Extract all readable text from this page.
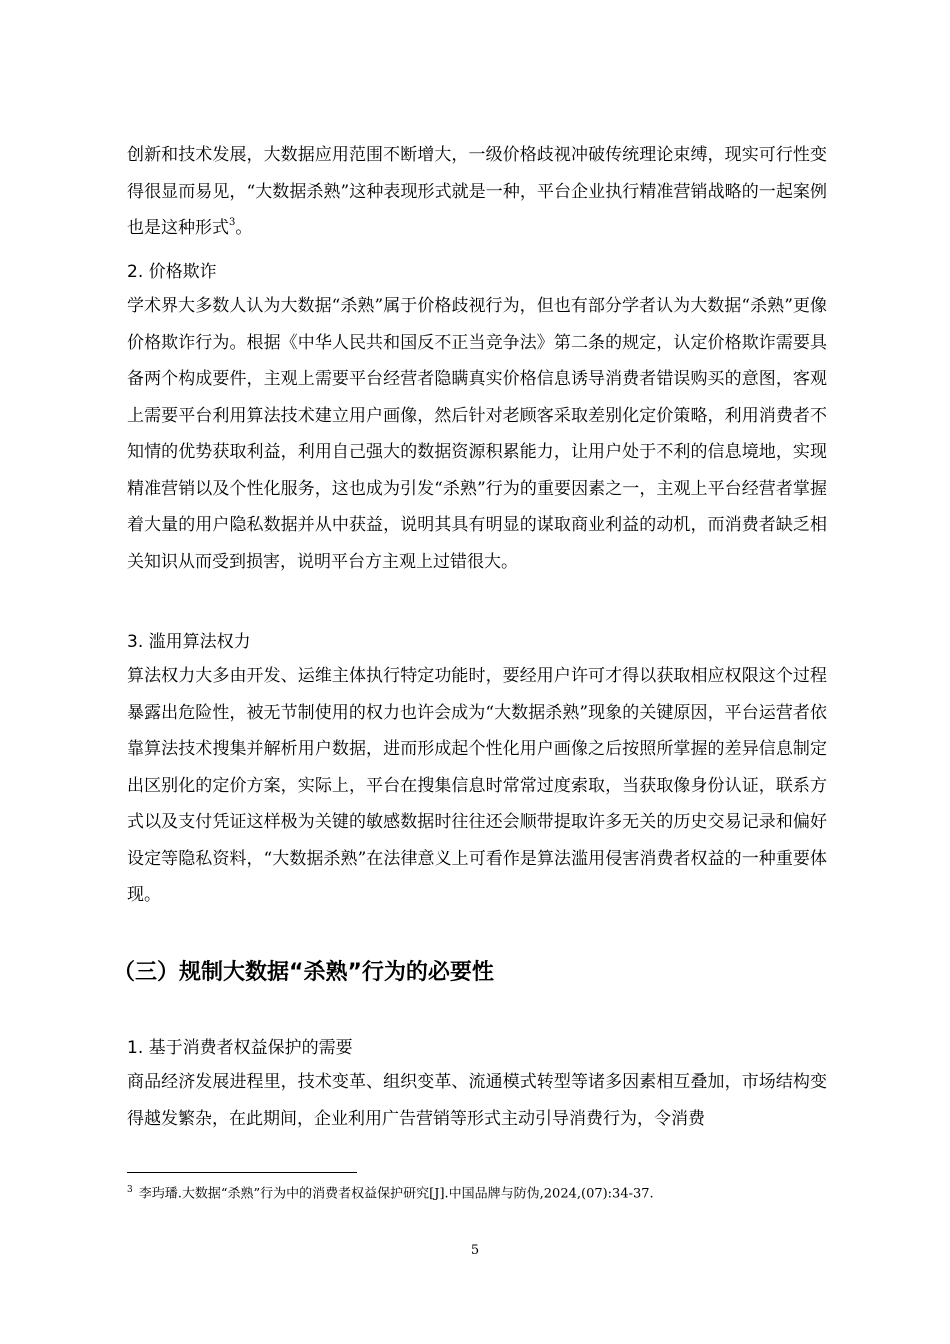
创新和技术发展，大数据应用范围不断增大，一级价格歧视冲破传统理论束缚，现实可行性变得很显而易见，“大数据杀熟”这种表现形式就是一种，平台企业执行精准营销战略的一起案例也是这种形式$^3$。

2. 价格欺诈

学术界大多数人认为大数据“杀熟”属于价格歧视行为，但也有部分学者认为大数据“杀熟”更像价格欺诈行为。根据《中华人民共和国反不正当竞争法》第二条的规定，认定价格欺诈需要具备两个构成要件，主观上需要平台经营者隐瞒真实价格信息诱导消费者错误购买的意图，客观上需要平台利用算法技术建立用户画像，然后针对老顾客采取差别化定价策略，利用消费者不知情的优势获取利益，利用自己强大的数据资源积累能力，让用户处于不利的信息境地，实现精准营销以及个性化服务，这也成为引发“杀熟”行为的重要因素之一，主观上平台经营者掌握着大量的用户隐私数据并从中获益，说明其具有明显的谋取商业利益的动机，而消费者缺乏相关知识从而受到损害，说明平台方主观上过错很大。

3. 滥用算法权力

算法权力大多由开发、运维主体执行特定功能时，要经用户许可才得以获取相应权限这个过程暴露出危险性，被无节制使用的权力也许会成为“大数据杀熟”现象的关键原因，平台运营者依靠算法技术搜集并解析用户数据，进而形成起个性化用户画像之后按照所掌握的差异信息制定出区别化的定价方案，实际上，平台在搜集信息时常常过度索取，当获取像身份认证，联系方式以及支付凭证这样极为关键的敏感数据时往往还会顺带提取许多无关的历史交易记录和偏好设定等隐私资料，“大数据杀熟”在法律意义上可看作是算法滥用侵害消费者权益的一种重要体现。

（三）规制大数据“杀熟”行为的必要性

1. 基于消费者权益保护的需要

商品经济发展进程里，技术变革、组织变革、流通模式转型等诸多因素相互叠加，市场结构变得越发繁杂，在此期间，企业利用广告营销等形式主动引导消费行为，令消费

$^3$ 李玙璠.大数据“杀熟”行为中的消费者权益保护研究[J].中国品牌与防伪,2024,(07):34-37.

5
